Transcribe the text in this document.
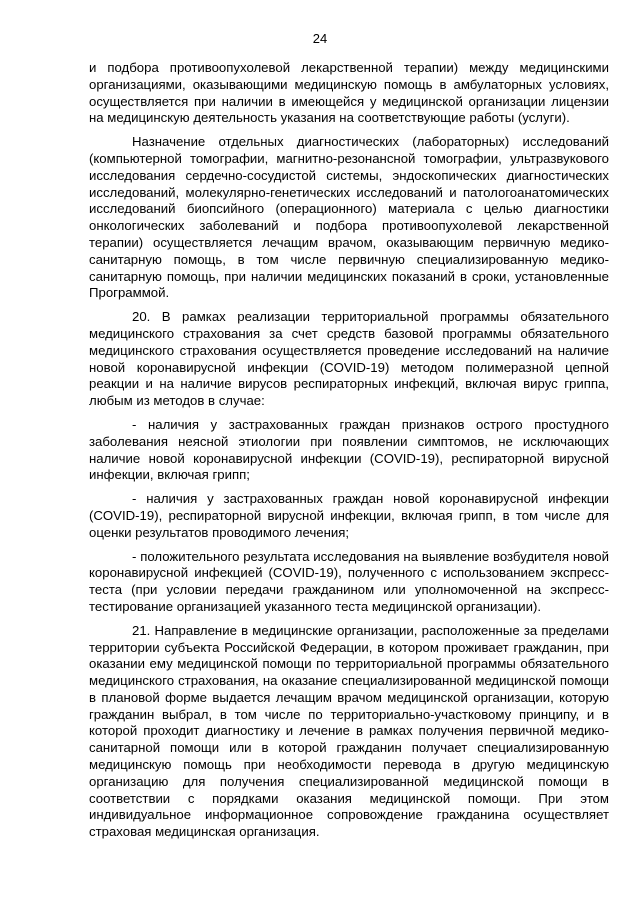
24

и подбора противоопухолевой лекарственной терапии) между медицинскими организациями, оказывающими медицинскую помощь в амбулаторных условиях, осуществляется при наличии в имеющейся у медицинской организации лицензии на медицинскую деятельность указания на соответствующие работы (услуги).

Назначение отдельных диагностических (лабораторных) исследований (компьютерной томографии, магнитно-резонансной томографии, ультразвукового исследования сердечно-сосудистой системы, эндоскопических диагностических исследований, молекулярно-генетических исследований и патологоанатомических исследований биопсийного (операционного) материала с целью диагностики онкологических заболеваний и подбора противоопухолевой лекарственной терапии) осуществляется лечащим врачом, оказывающим первичную медико-санитарную помощь, в том числе первичную специализированную медико-санитарную помощь, при наличии медицинских показаний в сроки, установленные Программой.

20. В рамках реализации территориальной программы обязательного медицинского страхования за счет средств базовой программы обязательного медицинского страхования осуществляется проведение исследований на наличие новой коронавирусной инфекции (COVID-19) методом полимеразной цепной реакции и на наличие вирусов респираторных инфекций, включая вирус гриппа, любым из методов в случае:

- наличия у застрахованных граждан признаков острого простудного заболевания неясной этиологии при появлении симптомов, не исключающих наличие новой коронавирусной инфекции (COVID-19), респираторной вирусной инфекции, включая грипп;

- наличия у застрахованных граждан новой коронавирусной инфекции (COVID-19), респираторной вирусной инфекции, включая грипп, в том числе для оценки результатов проводимого лечения;

- положительного результата исследования на выявление возбудителя новой коронавирусной инфекцией (COVID-19), полученного с использованием экспресс-теста (при условии передачи гражданином или уполномоченной на экспресс-тестирование организацией указанного теста медицинской организации).

21. Направление в медицинские организации, расположенные за пределами территории субъекта Российской Федерации, в котором проживает гражданин, при оказании ему медицинской помощи по территориальной программы обязательного медицинского страхования, на оказание специализированной медицинской помощи в плановой форме выдается лечащим врачом медицинской организации, которую гражданин выбрал, в том числе по территориально-участковому принципу, и в которой проходит диагностику и лечение в рамках получения первичной медико-санитарной помощи или в которой гражданин получает специализированную медицинскую помощь при необходимости перевода в другую медицинскую организацию для получения специализированной медицинской помощи в соответствии с порядками оказания медицинской помощи. При этом индивидуальное информационное сопровождение гражданина осуществляет страховая медицинская организация.
